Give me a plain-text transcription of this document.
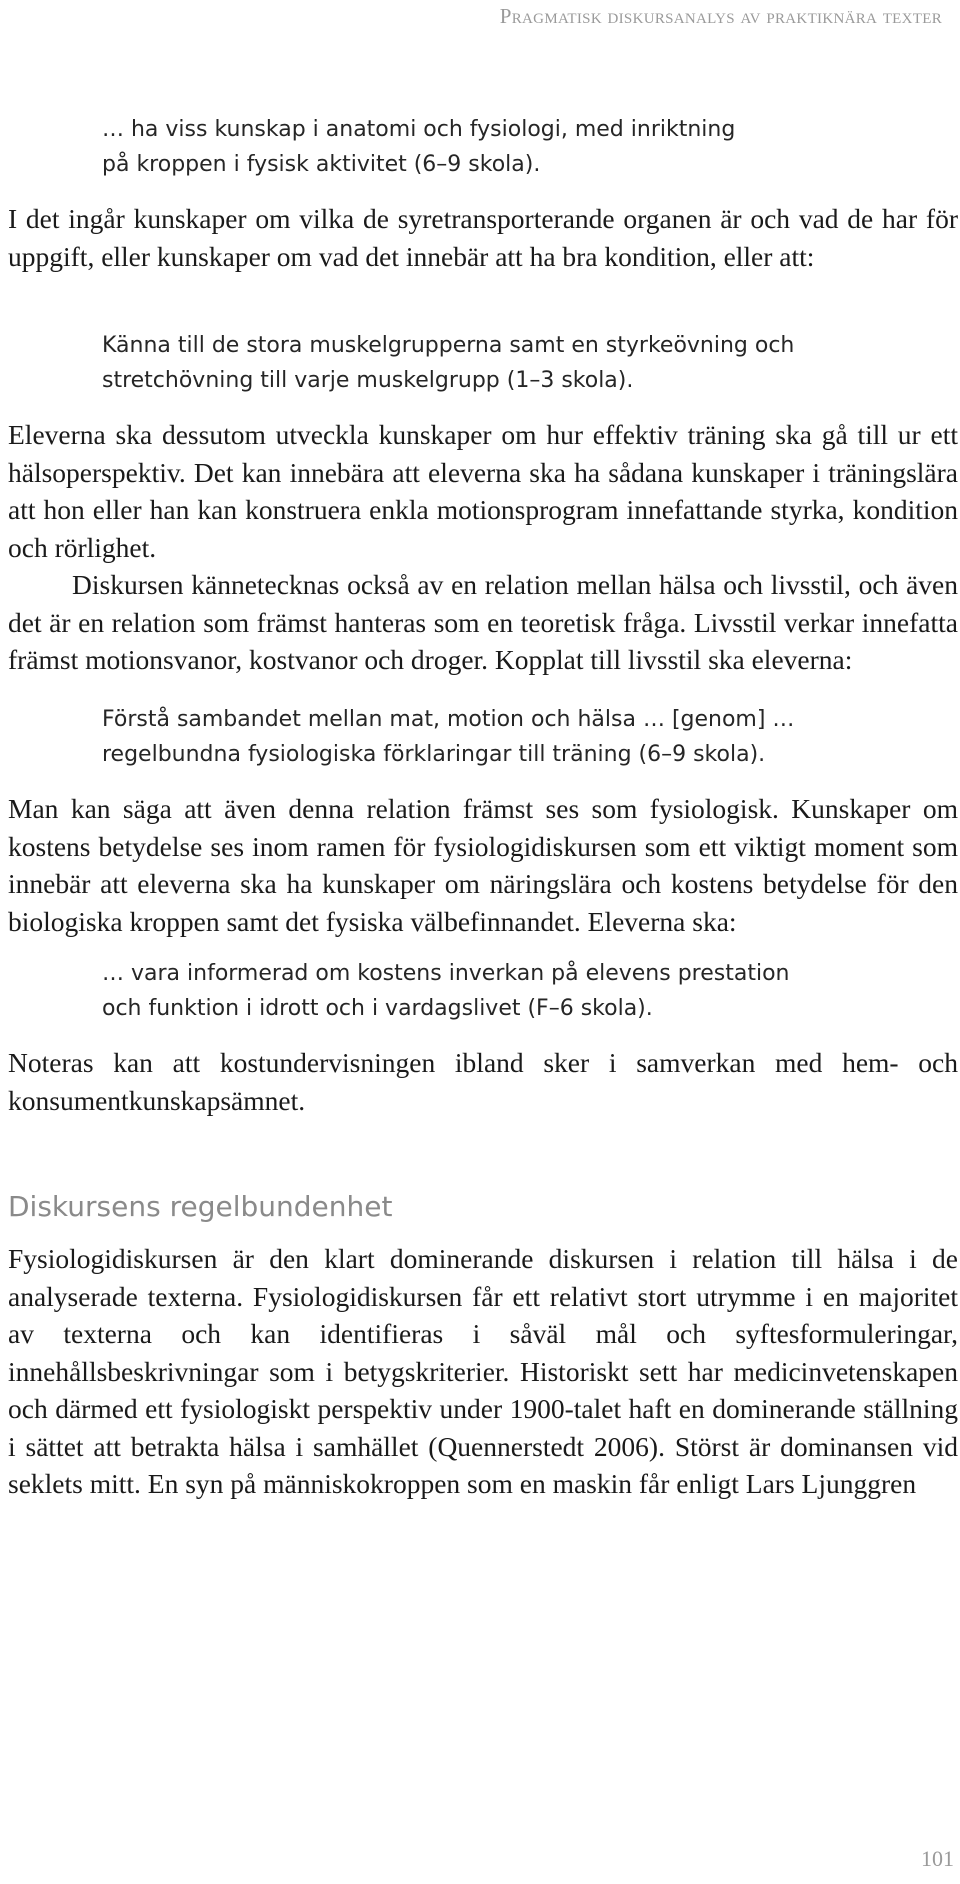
Pragmatisk diskursanalys av praktiknära texter
… ha viss kunskap i anatomi och fysiologi, med inriktning
på kroppen i fysisk aktivitet (6–9 skola).

I det ingår kunskaper om vilka de syretransporterande organen är och vad de har för uppgift, eller kunskaper om vad det innebär att ha bra kondition, eller att:

Känna till de stora muskelgrupperna samt en styrkeövning och
stretchövning till varje muskelgrupp (1–3 skola).

Eleverna ska dessutom utveckla kunskaper om hur effektiv träning ska gå till ur ett hälsoperspektiv. Det kan innebära att eleverna ska ha sådana kunskaper i träningslära att hon eller han kan konstruera enkla motionsprogram innefattande styrka, kondition och rörlighet.

Diskursen kännetecknas också av en relation mellan hälsa och livsstil, och även det är en relation som främst hanteras som en teoretisk fråga. Livsstil verkar innefatta främst motionsvanor, kostvanor och droger. Kopplat till livsstil ska eleverna:

Förstå sambandet mellan mat, motion och hälsa … [genom] …
regelbundna fysiologiska förklaringar till träning (6–9 skola).

Man kan säga att även denna relation främst ses som fysiologisk. Kunskaper om kostens betydelse ses inom ramen för fysiologidiskursen som ett viktigt moment som innebär att eleverna ska ha kunskaper om näringslära och kostens betydelse för den biologiska kroppen samt det fysiska välbefinnandet. Eleverna ska:

… vara informerad om kostens inverkan på elevens prestation
och funktion i idrott och i vardagslivet (F–6 skola).

Noteras kan att kostundervisningen ibland sker i samverkan med hem- och konsumentkunskapsämnet.

Diskursens regelbundenhet

Fysiologidiskursen är den klart dominerande diskursen i relation till hälsa i de analyserade texterna. Fysiologidiskursen får ett relativt stort utrymme i en majoritet av texterna och kan identifieras i såväl mål och syftesformuleringar, innehållsbeskrivningar som i betygskriterier. Historiskt sett har medicinvetenskapen och därmed ett fysiologiskt perspektiv under 1900-talet haft en dominerande ställning i sättet att betrakta hälsa i samhället (Quennerstedt 2006). Störst är dominansen vid seklets mitt. En syn på människokroppen som en maskin får enligt Lars Ljunggren

101
